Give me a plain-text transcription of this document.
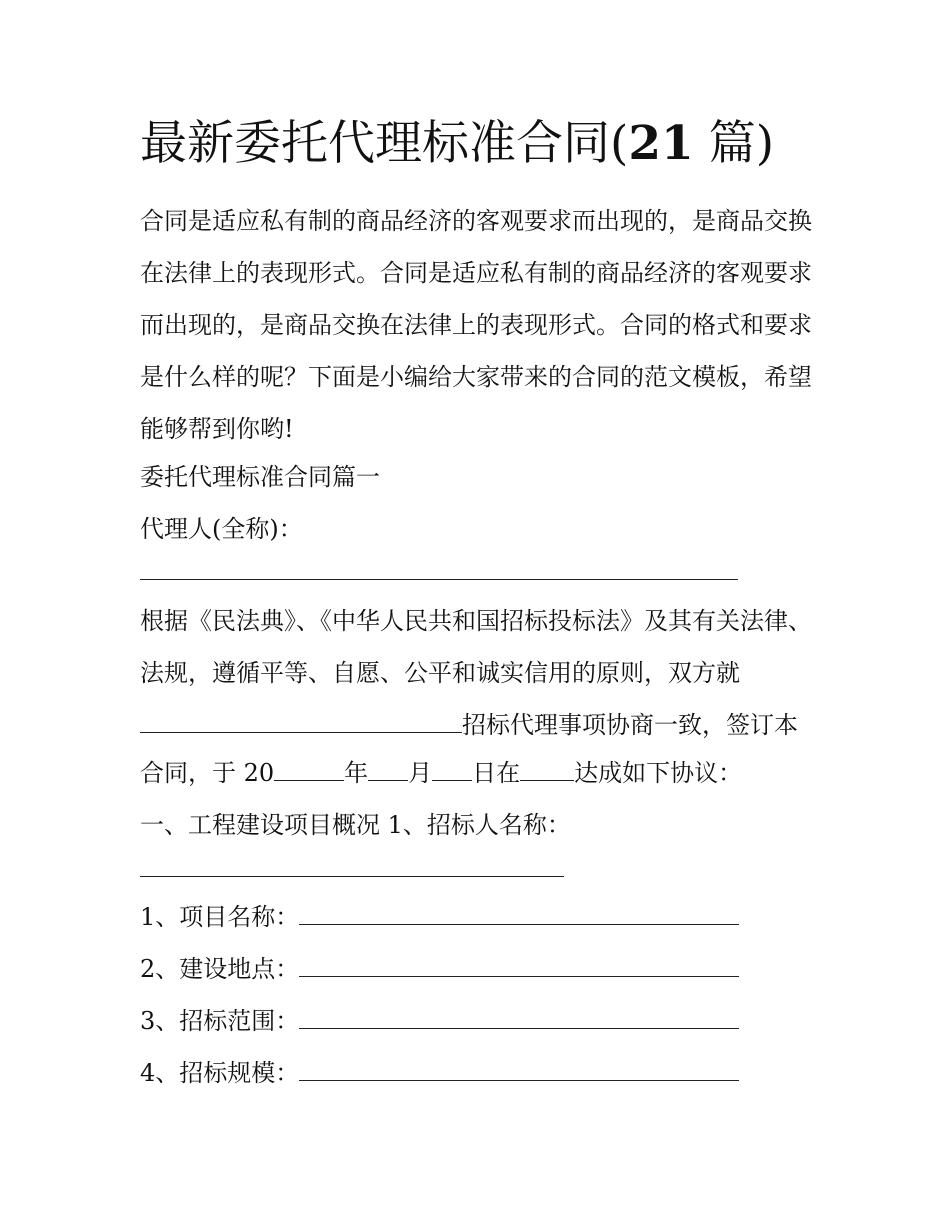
最新委托代理标准合同(21 篇)
合同是适应私有制的商品经济的客观要求而出现的，是商品交换在法律上的表现形式。合同是适应私有制的商品经济的客观要求而出现的，是商品交换在法律上的表现形式。合同的格式和要求是什么样的呢？下面是小编给大家带来的合同的范文模板，希望能够帮到你哟!
委托代理标准合同篇一
代理人(全称)：
根据《民法典》、《中华人民共和国招标投标法》及其有关法律、法规，遵循平等、自愿、公平和诚实信用的原则，双方就
招标代理事项协商一致，签订本
合同，于 20	年 月 日在 达成如下协议：
一、工程建设项目概况 1、招标人名称：
1、项目名称：
2、建设地点：
3、招标范围：
4、招标规模：
